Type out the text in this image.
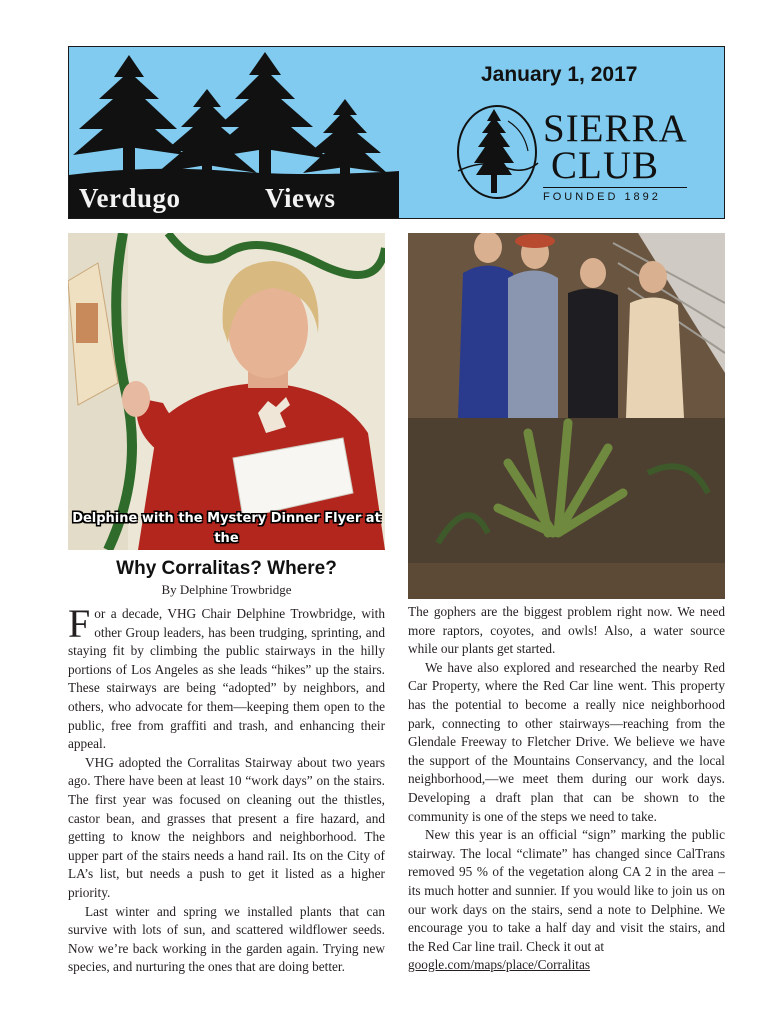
Verdugo	Views
January 1, 2017
SIERRA
CLUB
FOUNDED 1892
Delphine with the Mystery Dinner Flyer at the
Why Corralitas? Where?
By Delphine Trowbridge

For a decade, VHG Chair Delphine Trowbridge, with other Group leaders, has been trudging, sprinting, and staying fit by climbing the public stairways in the hilly portions of Los Angeles as she leads “hikes” up the stairs. These stairways are being “adopted” by neighbors, and others, who advocate for them—keeping them open to the public, free from graffiti and trash, and enhancing their appeal.

VHG adopted the Corralitas Stairway about two years ago. There have been at least 10 “work days” on the stairs. The first year was focused on cleaning out the thistles, castor bean, and grasses that present a fire hazard, and getting to know the neighbors and neighborhood. The upper part of the stairs needs a hand rail. Its on the City of LA’s list, but needs a push to get it listed as a higher priority.

Last winter and spring we installed plants that can survive with lots of sun, and scattered wildflower seeds. Now we’re back working in the garden again. Trying new species, and nurturing the ones that are doing better.

The gophers are the biggest problem right now. We need more raptors, coyotes, and owls! Also, a water source while our plants get started.

We have also explored and researched the nearby Red Car Property, where the Red Car line went. This property has the potential to become a really nice neighborhood park, connecting to other stairways—reaching from the Glendale Freeway to Fletcher Drive. We believe we have the support of the Mountains Conservancy, and the local neighborhood,—we meet them during our work days. Developing a draft plan that can be shown to the community is one of the steps we need to take.

New this year is an official “sign” marking the public stairway. The local “climate” has changed since CalTrans removed 95 % of the vegetation along CA 2 in the area – its much hotter and sunnier. If you would like to join us on our work days on the stairs, send a note to Delphine. We encourage you to take a half day and visit the stairs, and the Red Car line trail. Check it out at
google.com/maps/place/Corralitas
